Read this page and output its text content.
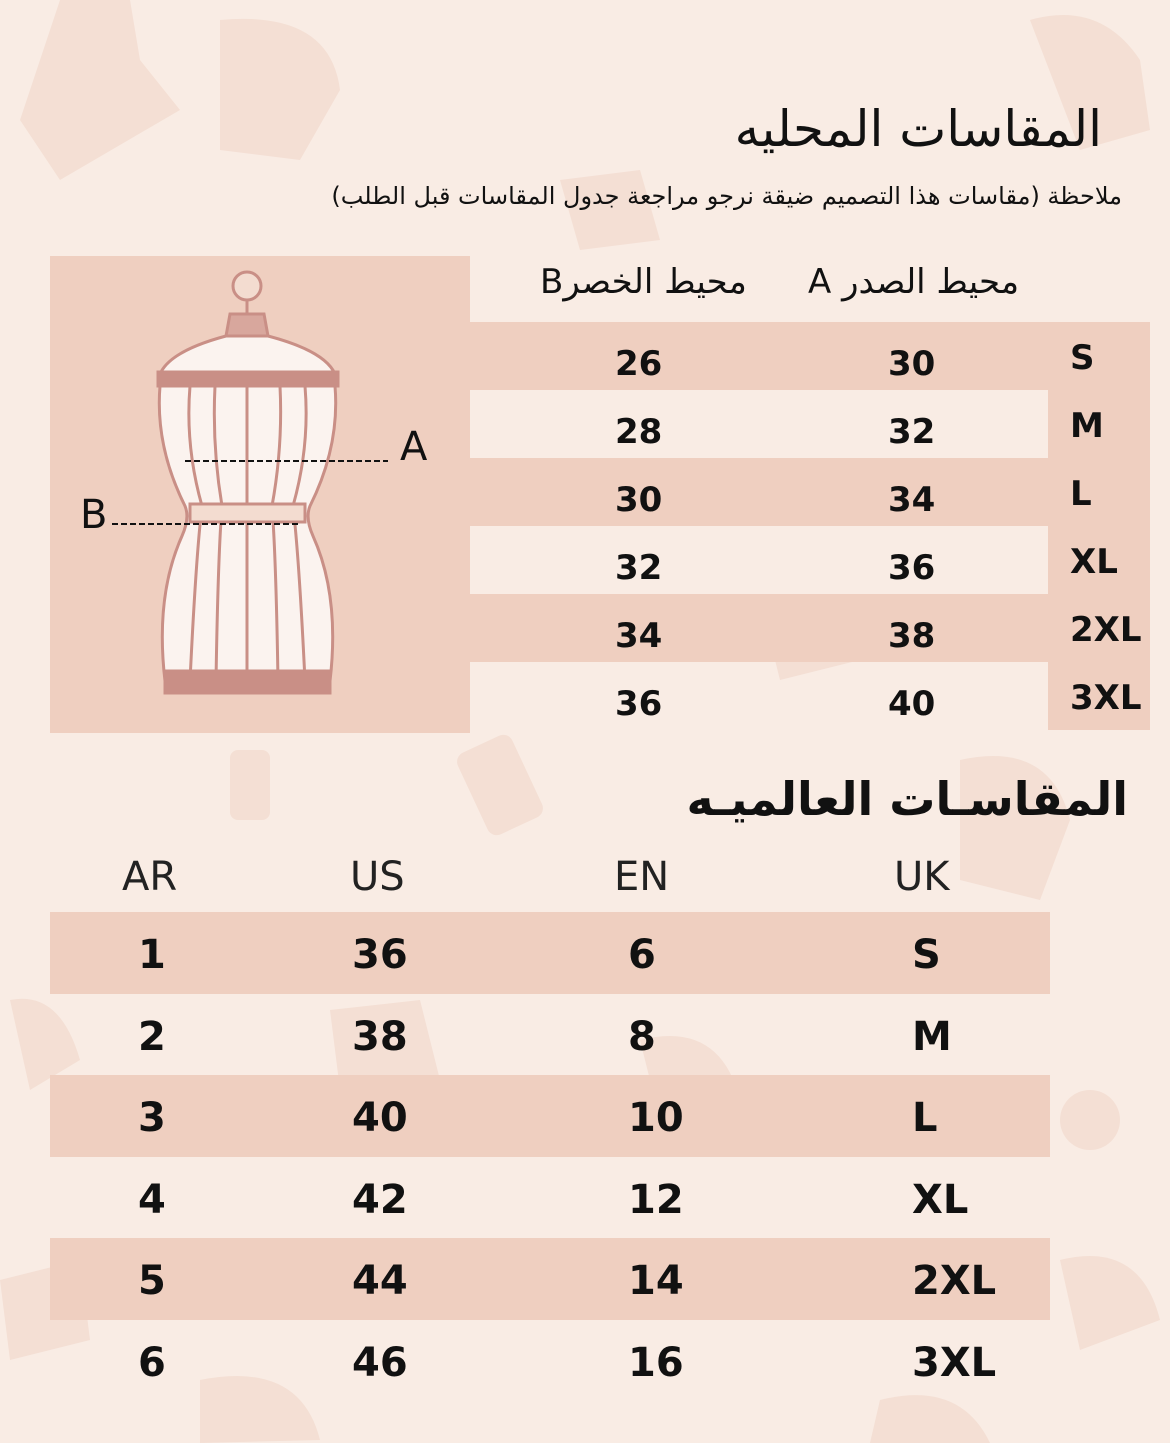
المقاسات المحليه

ملاحظة (مقاسات هذا التصميم ضيقة نرجو مراجعة جدول المقاسات قبل الطلب)

A
B
محيط الصدر A
محيط الخصرB
26	30	S
28	32	M
30	34	L
32	36	XL
34	38	2XL
36	40	3XL
المقاسـات العالميـه
AR	US	EN	UK
1	36	6	S
2	38	8	M
3	40	10	L
4	42	12	XL
5	44	14	2XL
6	46	16	3XL
